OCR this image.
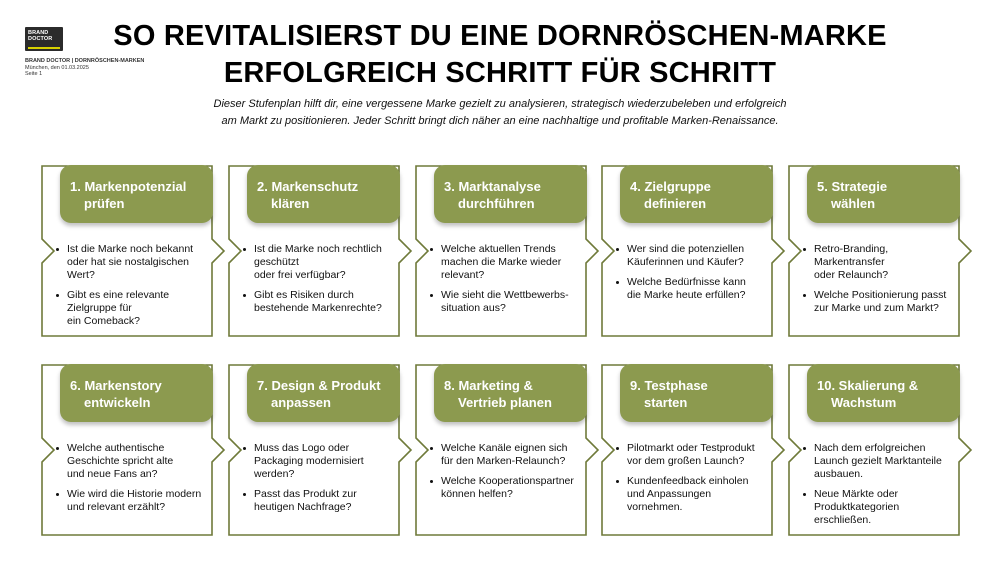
BRAND DOCTOR
BRAND DOCTOR | DORNRÖSCHEN-MARKEN
München, den 01.03.2025
Seite 1
SO REVITALISIERST DU EINE DORNRÖSCHEN-MARKE
ERFOLGREICH SCHRITT FÜR SCHRITT
Dieser Stufenplan hilft dir, eine vergessene Marke gezielt zu analysieren, strategisch wiederzubeleben und erfolgreich
am Markt zu positionieren. Jeder Schritt bringt dich näher an eine nachhaltige und profitable Marken-Renaissance.
1. Markenpotenzial
prüfen
Ist die Marke noch bekannt
oder hat sie nostalgischen
Wert?
Gibt es eine relevante
Zielgruppe für
ein Comeback?
2. Markenschutz
klären
Ist die Marke noch rechtlich
geschützt
oder frei verfügbar?
Gibt es Risiken durch
bestehende Markenrechte?
3. Marktanalyse
durchführen
Welche aktuellen Trends
machen die Marke wieder
relevant?
Wie sieht die Wettbewerbs-
situation aus?
4. Zielgruppe
definieren
Wer sind die potenziellen
Käuferinnen und Käufer?
Welche Bedürfnisse kann
die Marke heute erfüllen?
5. Strategie
wählen
Retro-Branding,
Markentransfer
oder Relaunch?
Welche Positionierung passt
zur Marke und zum Markt?
6. Markenstory
entwickeln
Welche authentische
Geschichte spricht alte
und neue Fans an?
Wie wird die Historie modern
und relevant erzählt?
7. Design & Produkt
anpassen
Muss das Logo oder
Packaging modernisiert
werden?
Passt das Produkt zur
heutigen Nachfrage?
8. Marketing &
Vertrieb planen
Welche Kanäle eignen sich
für den Marken-Relaunch?
Welche Kooperationspartner
können helfen?
9. Testphase
starten
Pilotmarkt oder Testprodukt
vor dem großen Launch?
Kundenfeedback einholen
und Anpassungen
vornehmen.
10. Skalierung &
Wachstum
Nach dem erfolgreichen
Launch gezielt Marktanteile
ausbauen.
Neue Märkte oder
Produktkategorien
erschließen.
